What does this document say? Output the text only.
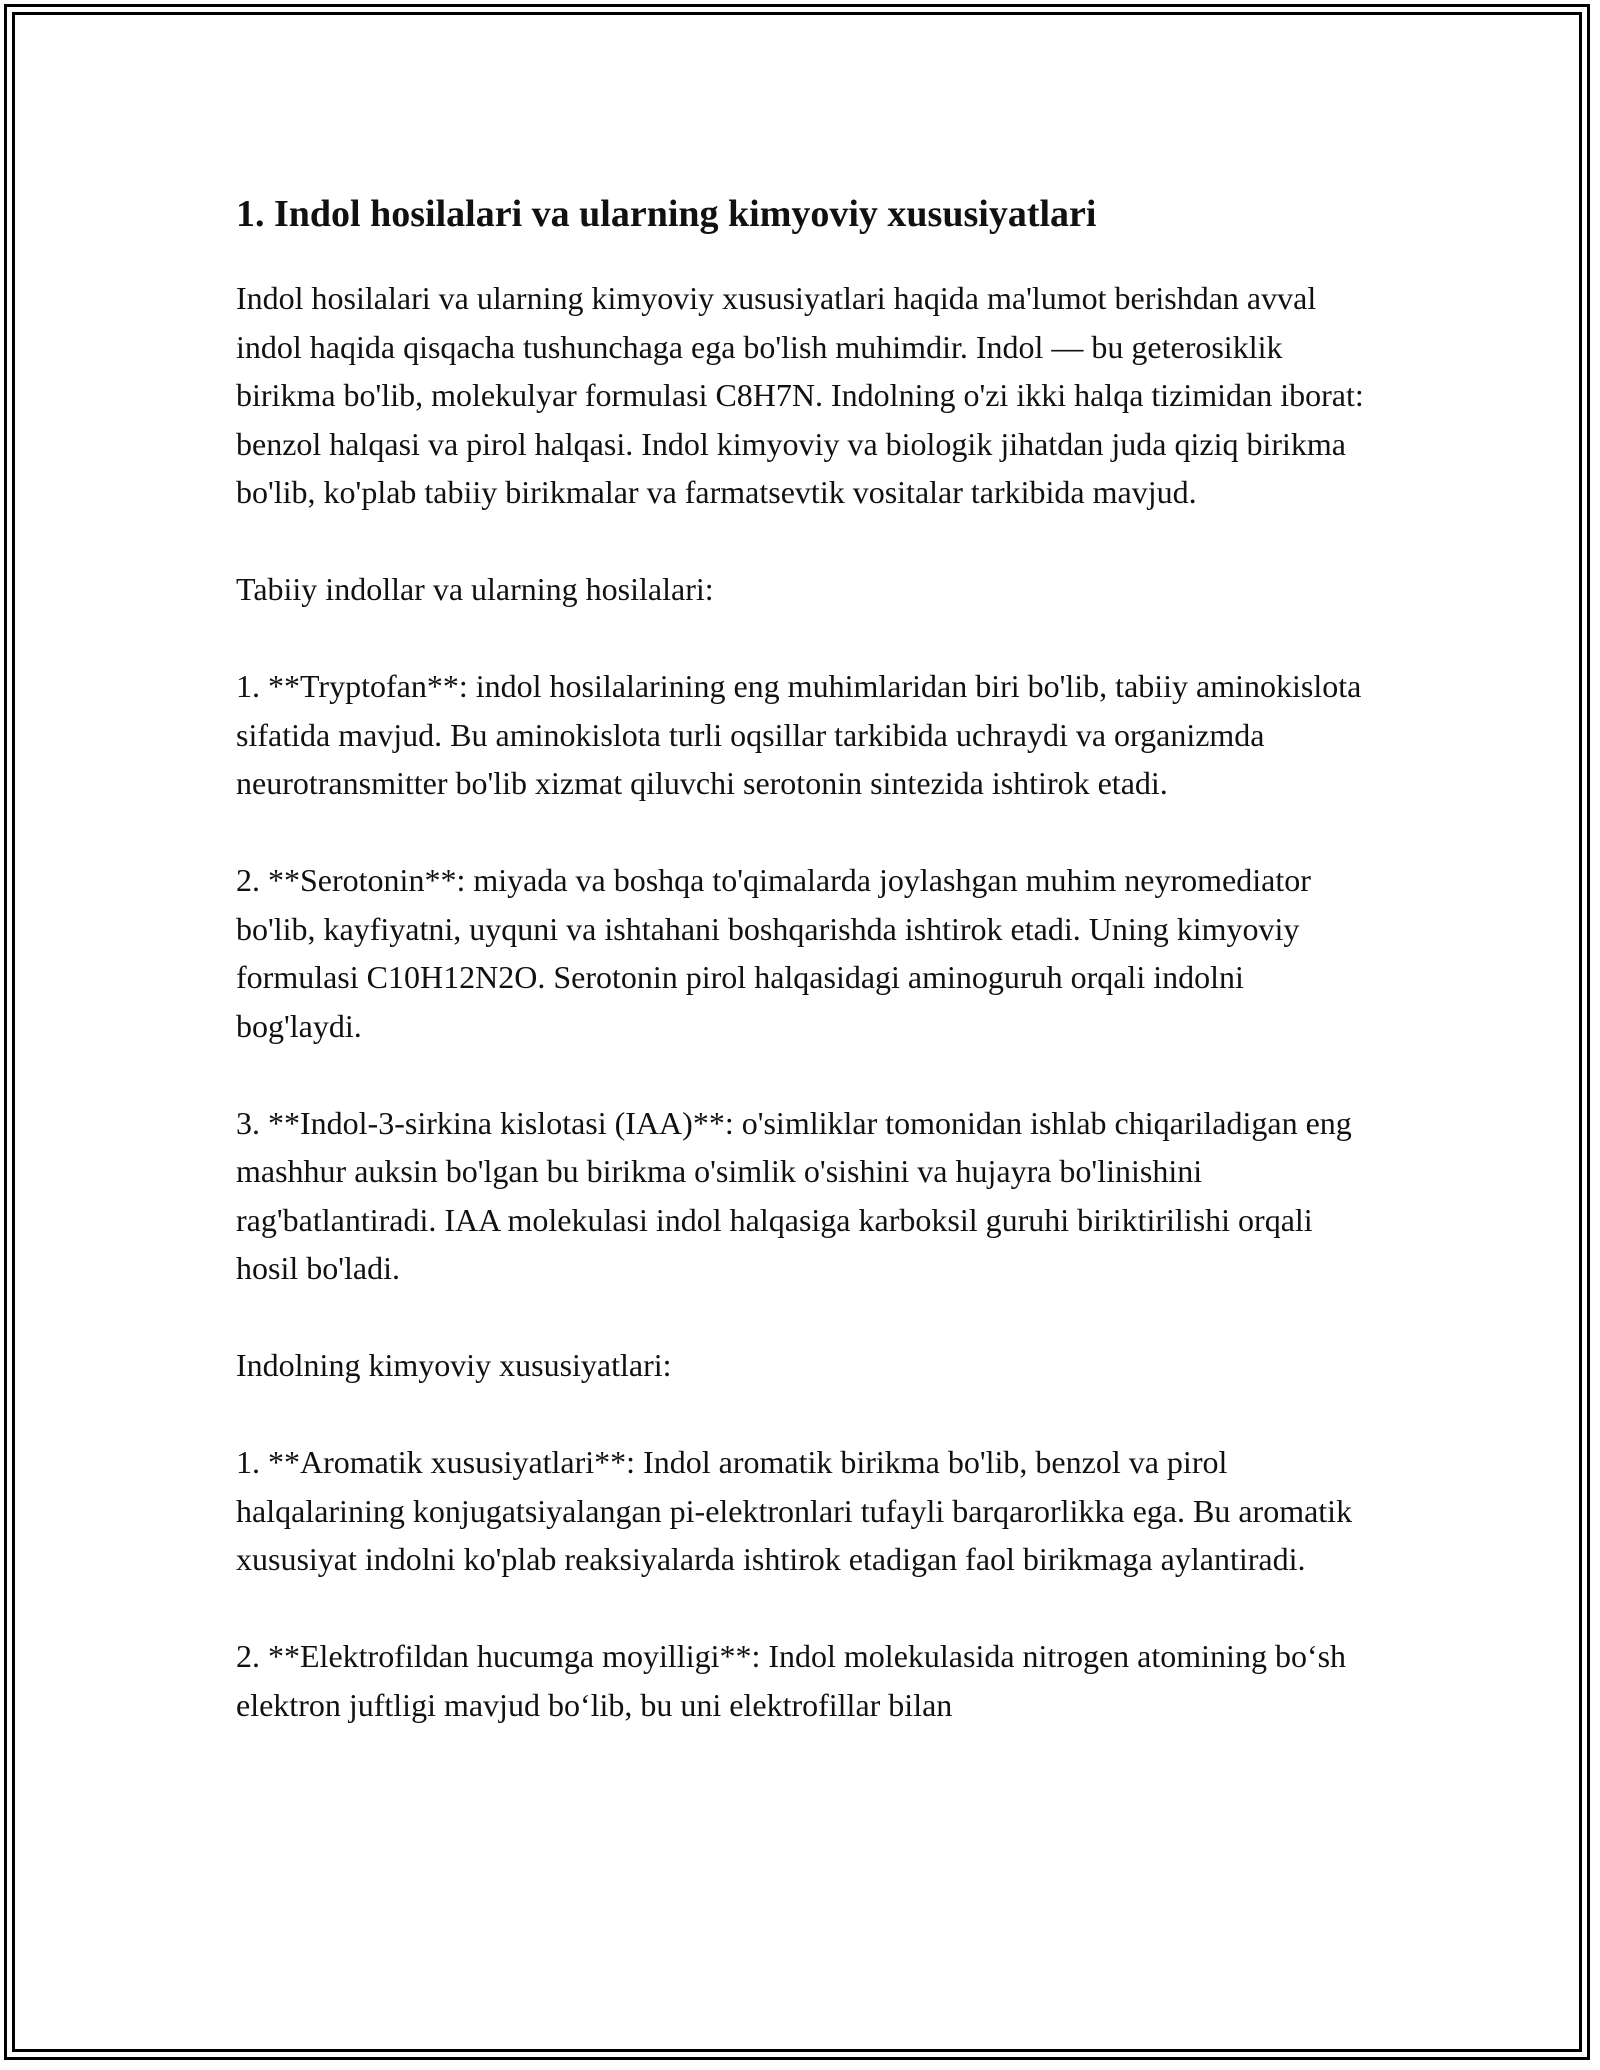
1. Indol hosilalari va ularning kimyoviy xususiyatlari

Indol hosilalari va ularning kimyoviy xususiyatlari haqida ma'lumot berishdan avval indol haqida qisqacha tushunchaga ega bo'lish muhimdir. Indol — bu geterosiklik birikma bo'lib, molekulyar formulasi C8H7N. Indolning o'zi ikki halqa tizimidan iborat: benzol halqasi va pirol halqasi. Indol kimyoviy va biologik jihatdan juda qiziq birikma bo'lib, ko'plab tabiiy birikmalar va farmatsevtik vositalar tarkibida mavjud.

Tabiiy indollar va ularning hosilalari:

1. **Tryptofan**: indol hosilalarining eng muhimlaridan biri bo'lib, tabiiy aminokislota sifatida mavjud. Bu aminokislota turli oqsillar tarkibida uchraydi va organizmda neurotransmitter bo'lib xizmat qiluvchi serotonin sintezida ishtirok etadi.

2. **Serotonin**: miyada va boshqa to'qimalarda joylashgan muhim neyromediator bo'lib, kayfiyatni, uyquni va ishtahani boshqarishda ishtirok etadi. Uning kimyoviy formulasi C10H12N2O. Serotonin pirol halqasidagi aminoguruh orqali indolni bog'laydi.

3. **Indol-3-sirkina kislotasi (IAA)**: o'simliklar tomonidan ishlab chiqariladigan eng mashhur auksin bo'lgan bu birikma o'simlik o'sishini va hujayra bo'linishini rag'batlantiradi. IAA molekulasi indol halqasiga karboksil guruhi biriktirilishi orqali hosil bo'ladi.

Indolning kimyoviy xususiyatlari:

1. **Aromatik xususiyatlari**: Indol aromatik birikma bo'lib, benzol va pirol halqalarining konjugatsiyalangan pi-elektronlari tufayli barqarorlikka ega. Bu aromatik xususiyat indolni ko'plab reaksiyalarda ishtirok etadigan faol birikmaga aylantiradi.

2. **Elektrofildan hucumga moyilligi**: Indol molekulasida nitrogen atomining boʻsh elektron juftligi mavjud boʻlib, bu uni elektrofillar bilan
